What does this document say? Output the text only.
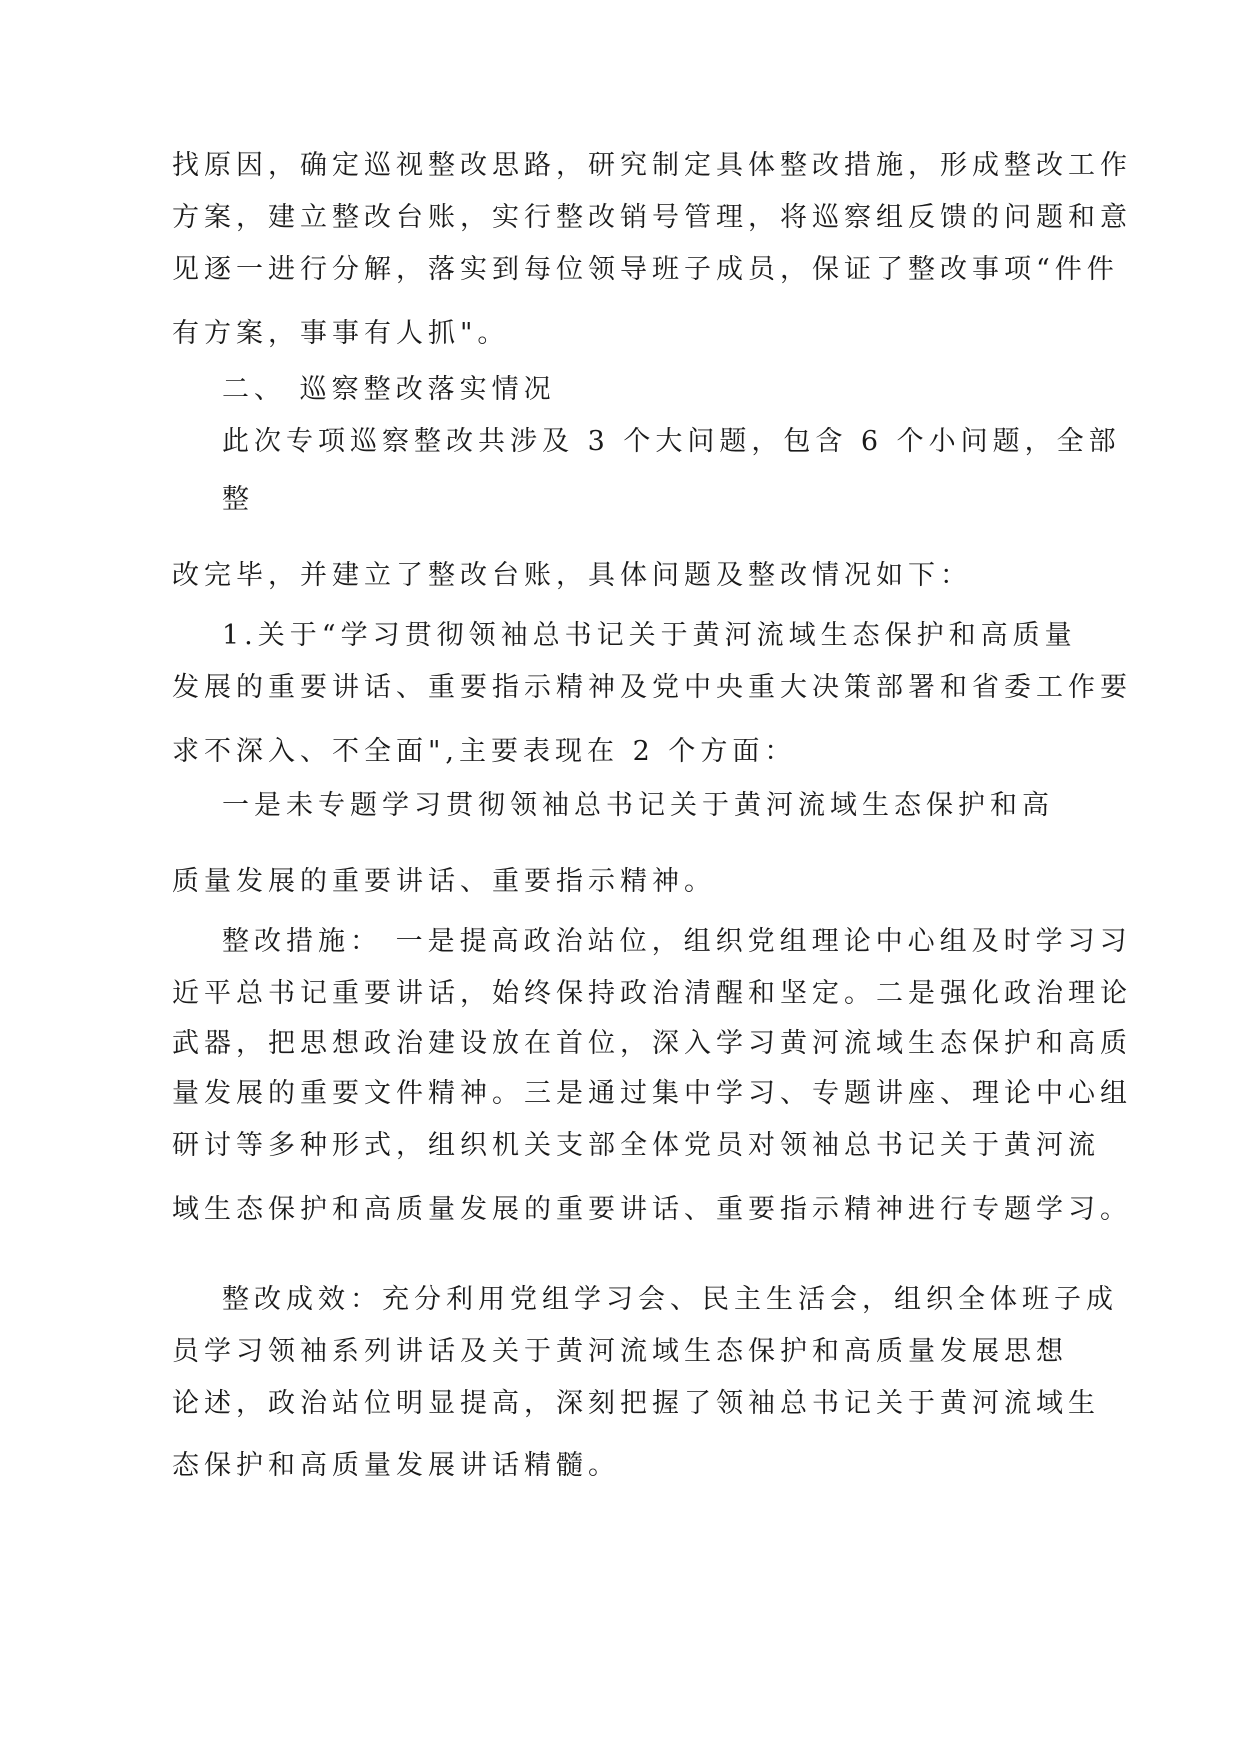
找原因，确定巡视整改思路，研究制定具体整改措施，形成整改工作
方案，建立整改台账，实行整改销号管理，将巡察组反馈的问题和意
见逐一进行分解，落实到每位领导班子成员，保证了整改事项“件件
有方案，事事有人抓"。
二、 巡察整改落实情况
此次专项巡察整改共涉及 3 个大问题，包含 6 个小问题，全部
整
改完毕，并建立了整改台账，具体问题及整改情况如下：
1.关于“学习贯彻领袖总书记关于黄河流域生态保护和高质量
发展的重要讲话、重要指示精神及党中央重大决策部署和省委工作要
求不深入、不全面",主要表现在 2 个方面：
一是未专题学习贯彻领袖总书记关于黄河流域生态保护和高
质量发展的重要讲话、重要指示精神。
整改措施： 一是提高政治站位，组织党组理论中心组及时学习习
近平总书记重要讲话，始终保持政治清醒和坚定。二是强化政治理论
武器，把思想政治建设放在首位，深入学习黄河流域生态保护和高质
量发展的重要文件精神。三是通过集中学习、专题讲座、理论中心组
研讨等多种形式，组织机关支部全体党员对领袖总书记关于黄河流
域生态保护和高质量发展的重要讲话、重要指示精神进行专题学习。
整改成效：充分利用党组学习会、民主生活会，组织全体班子成
员学习领袖系列讲话及关于黄河流域生态保护和高质量发展思想
论述，政治站位明显提高，深刻把握了领袖总书记关于黄河流域生
态保护和高质量发展讲话精髓。
